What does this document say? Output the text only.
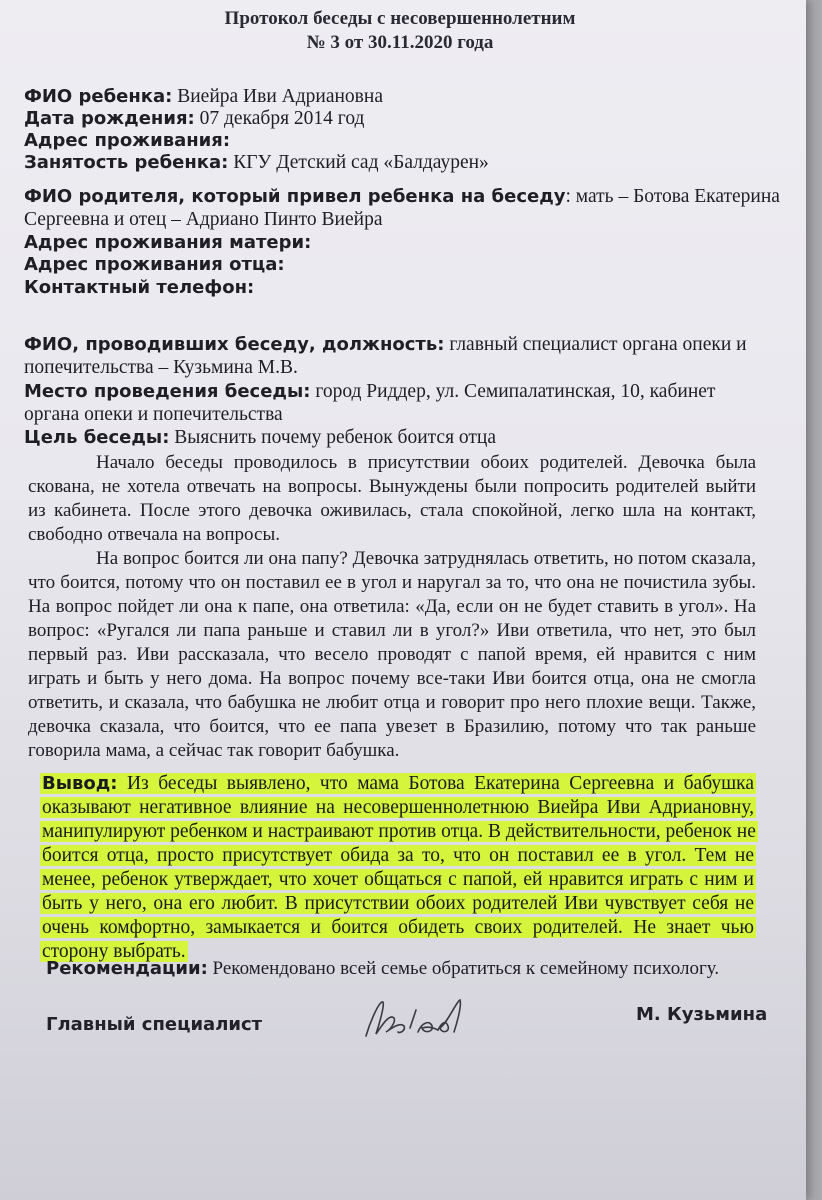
Протокол беседы с несовершеннолетним
№ 3 от 30.11.2020 года
ФИО ребенка: Виейра Иви Адриановна
Дата рождения: 07 декабря 2014 год
Адрес проживания:
Занятость ребенка: КГУ Детский сад «Балдаурен»
ФИО родителя, который привел ребенка на беседу: мать – Ботова Екатерина
Сергеевна и отец – Адриано Пинто Виейра
Адрес проживания матери:
Адрес проживания отца:
Контактный телефон:
ФИО, проводивших беседу, должность: главный специалист органа опеки и
попечительства – Кузьмина М.В.
Место проведения беседы: город Риддер, ул. Семипалатинская, 10, кабинет
органа опеки и попечительства
Цель беседы: Выяснить почему ребенок боится отца

Начало беседы проводилось в присутствии обоих родителей. Девочка была скована, не хотела отвечать на вопросы. Вынуждены были попросить родителей выйти из кабинета. После этого девочка оживилась, стала спокойной, легко шла на контакт, свободно отвечала на вопросы.

На вопрос боится ли она папу? Девочка затруднялась ответить, но потом сказала, что боится, потому что он поставил ее в угол и наругал за то, что она не почистила зубы. На вопрос пойдет ли она к папе, она ответила: «Да, если он не будет ставить в угол». На вопрос: «Ругался ли папа раньше и ставил ли в угол?» Иви ответила, что нет, это был первый раз. Иви рассказала, что весело проводят с папой время, ей нравится с ним играть и быть у него дома. На вопрос почему все-таки Иви боится отца, она не смогла ответить, и сказала, что бабушка не любит отца и говорит про него плохие вещи. Также, девочка сказала, что боится, что ее папа увезет в Бразилию, потому что так раньше говорила мама, а сейчас так говорит бабушка.

Вывод: Из беседы выявлено, что мама Ботова Екатерина Сергеевна и бабушка оказывают негативное влияние на несовершеннолетнюю Виейра Иви Адриановну, манипулируют ребенком и настраивают против отца. В действительности, ребенок не боится отца, просто присутствует обида за то, что он поставил ее в угол. Тем не менее, ребенок утверждает, что хочет общаться с папой, ей нравится играть с ним и быть у него, она его любит. В присутствии обоих родителей Иви чувствует себя не очень комфортно, замыкается и боится обидеть своих родителей. Не знает чью сторону выбрать.
Рекомендации: Рекомендовано всей семье обратиться к семейному психологу.
Главный специалист	М. Кузьмина
